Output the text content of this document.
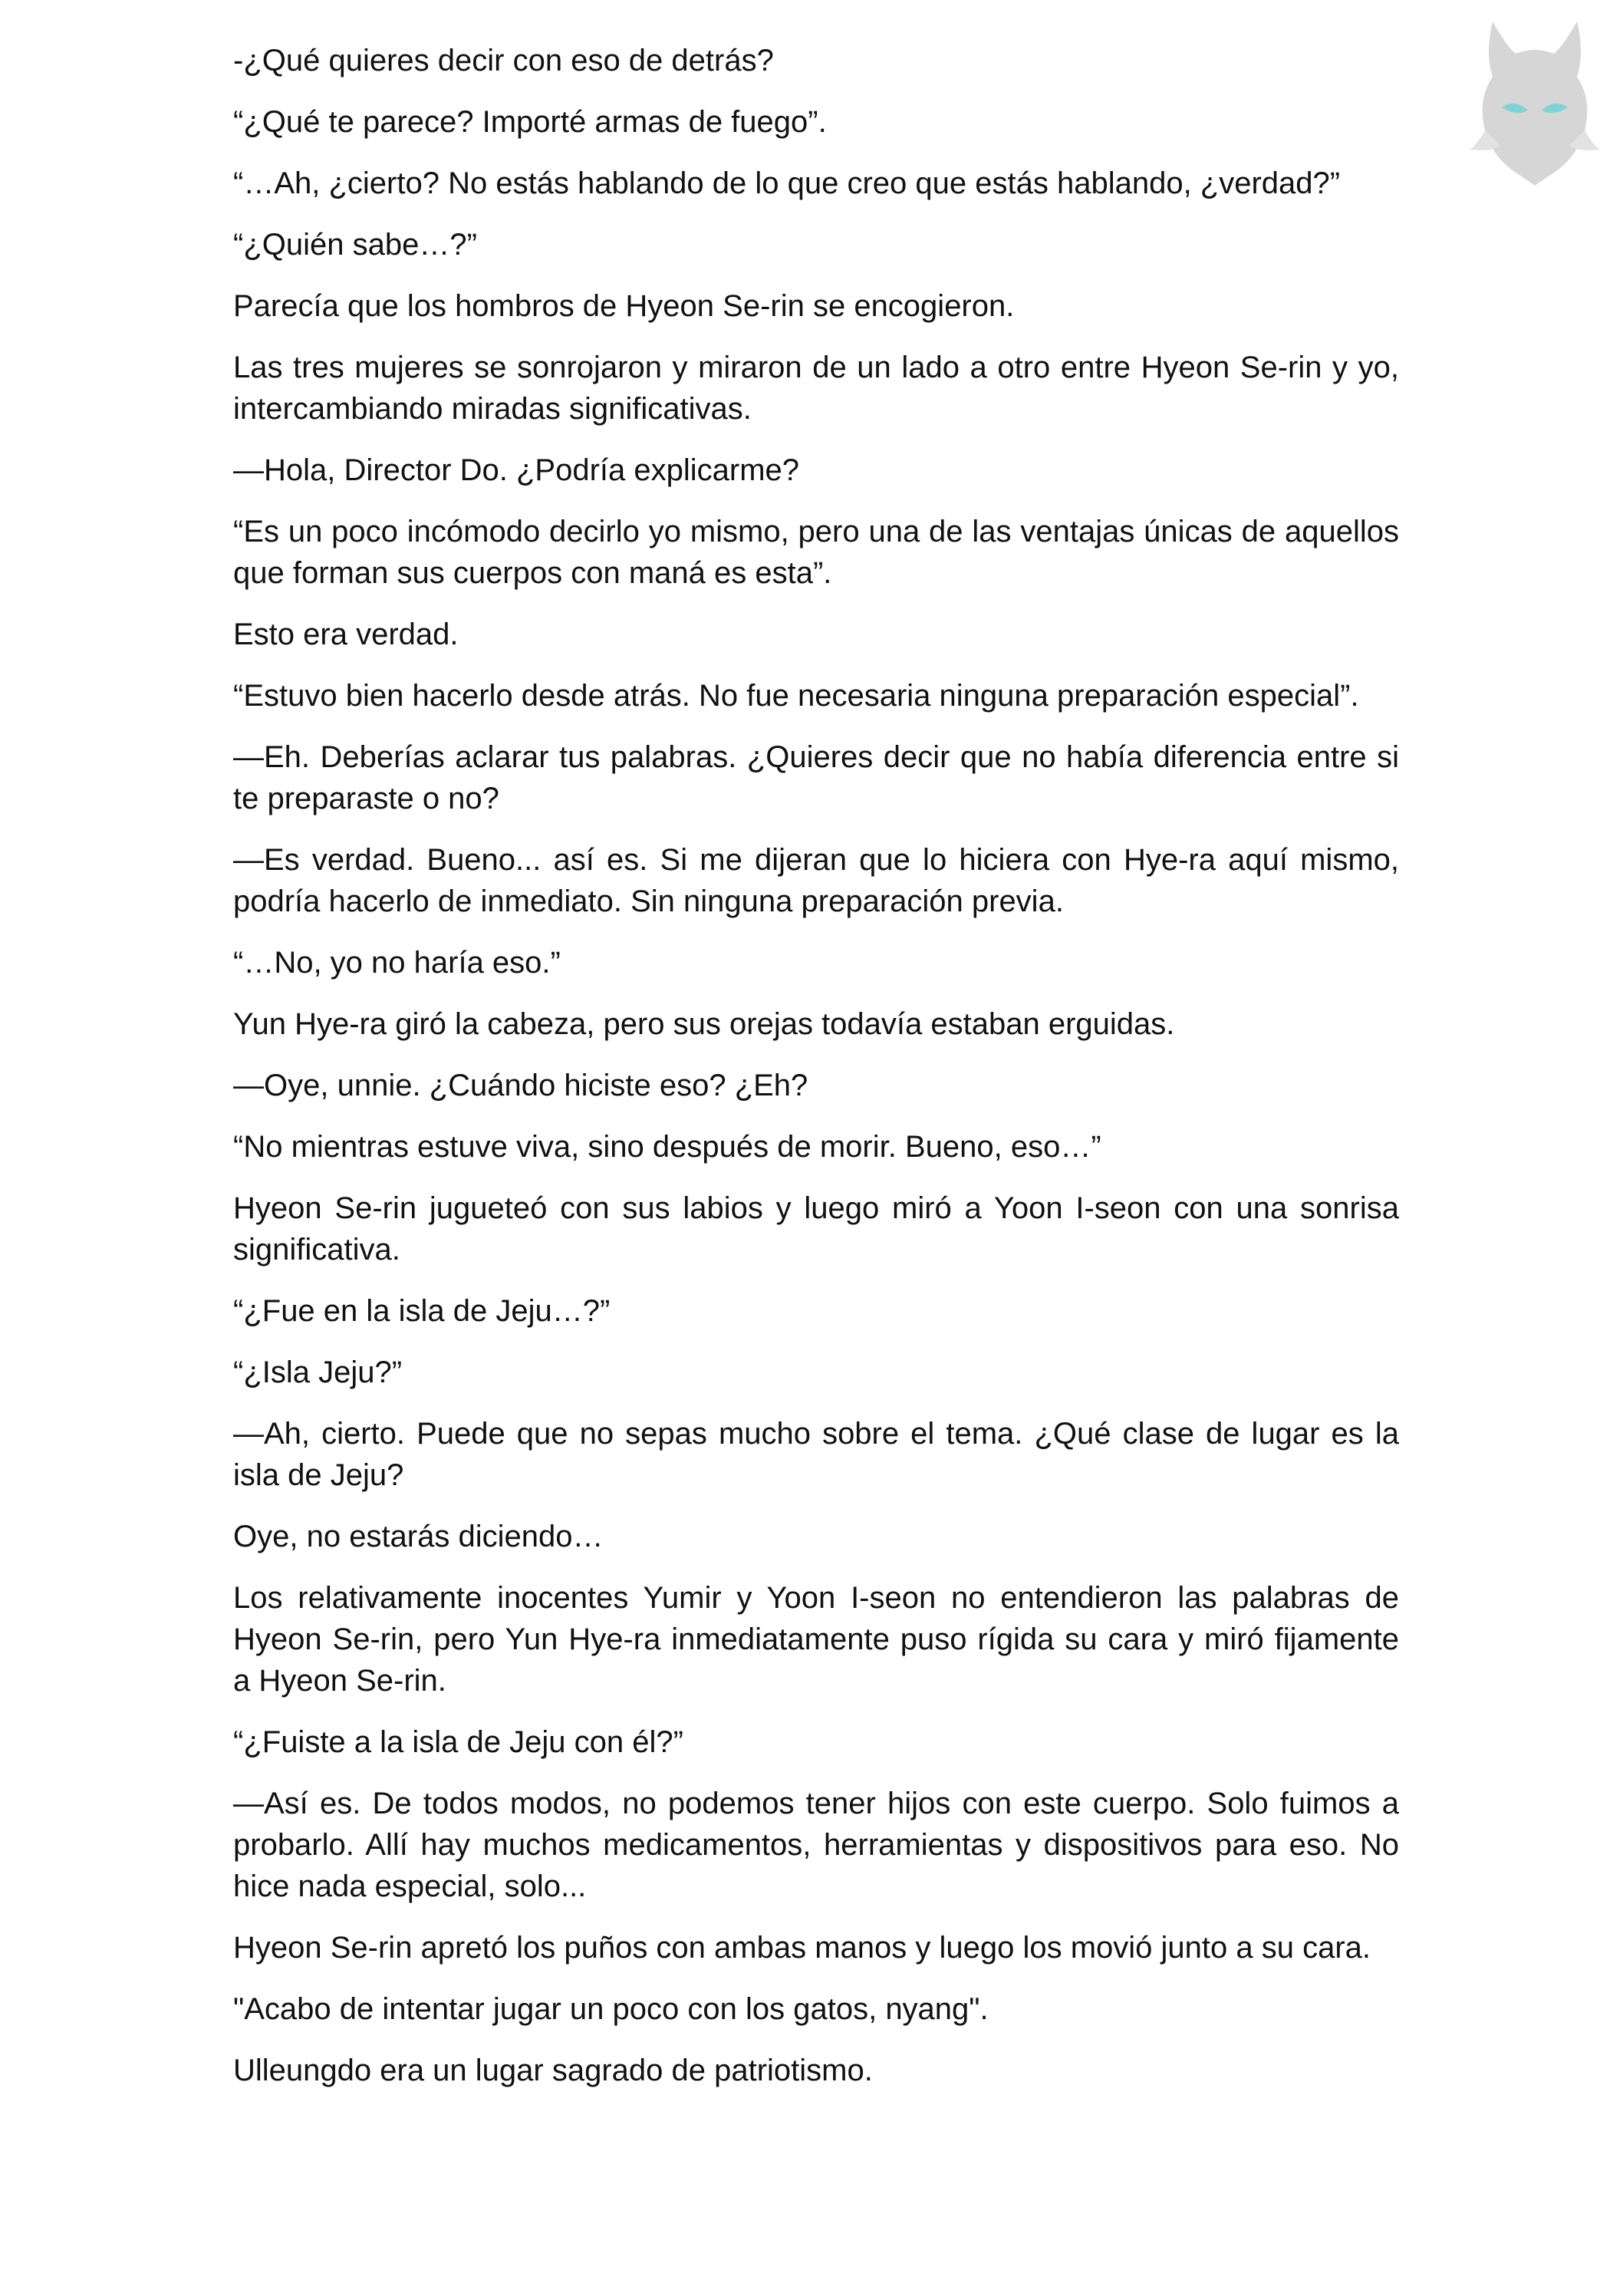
-¿Qué quieres decir con eso de detrás?

“¿Qué te parece? Importé armas de fuego”.

“…Ah, ¿cierto? No estás hablando de lo que creo que estás hablando, ¿verdad?”

“¿Quién sabe…?”

Parecía que los hombros de Hyeon Se-rin se encogieron.

Las tres mujeres se sonrojaron y miraron de un lado a otro entre Hyeon Se-rin y yo, intercambiando miradas significativas.

—Hola, Director Do. ¿Podría explicarme?

“Es un poco incómodo decirlo yo mismo, pero una de las ventajas únicas de aquellos que forman sus cuerpos con maná es esta”.

Esto era verdad.

“Estuvo bien hacerlo desde atrás. No fue necesaria ninguna preparación especial”.

—Eh. Deberías aclarar tus palabras. ¿Quieres decir que no había diferencia entre si te preparaste o no?

—Es verdad. Bueno... así es. Si me dijeran que lo hiciera con Hye-ra aquí mismo, podría hacerlo de inmediato. Sin ninguna preparación previa.

“…No, yo no haría eso.”

Yun Hye-ra giró la cabeza, pero sus orejas todavía estaban erguidas.

—Oye, unnie. ¿Cuándo hiciste eso? ¿Eh?

“No mientras estuve viva, sino después de morir. Bueno, eso…”

Hyeon Se-rin jugueteó con sus labios y luego miró a Yoon I-seon con una sonrisa significativa.

“¿Fue en la isla de Jeju…?”

“¿Isla Jeju?”

—Ah, cierto. Puede que no sepas mucho sobre el tema. ¿Qué clase de lugar es la isla de Jeju?

Oye, no estarás diciendo…

Los relativamente inocentes Yumir y Yoon I-seon no entendieron las palabras de Hyeon Se-rin, pero Yun Hye-ra inmediatamente puso rígida su cara y miró fijamente a Hyeon Se-rin.

“¿Fuiste a la isla de Jeju con él?”

—Así es. De todos modos, no podemos tener hijos con este cuerpo. Solo fuimos a probarlo. Allí hay muchos medicamentos, herramientas y dispositivos para eso. No hice nada especial, solo...

Hyeon Se-rin apretó los puños con ambas manos y luego los movió junto a su cara.

"Acabo de intentar jugar un poco con los gatos, nyang".

Ulleungdo era un lugar sagrado de patriotismo.
